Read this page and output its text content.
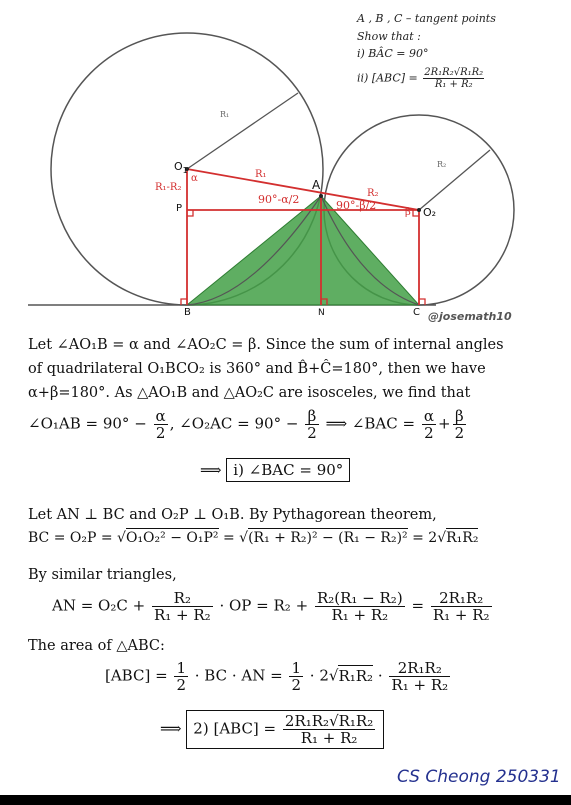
$O_1$
O₂
A
B	C
N
P
α
β
R₁
R₂
R₁
R₂
R₁-R₂
90°-α/2	90°-β/2
@josemath10
A , B , C – tangent points
Show that :
i) BÂC = 90°
ii) $[ABC] = \frac{\text{2R₁R₂√R₁R₂}}{\text{R₁ + R₂}}$
Let ∠AO₁B = α and ∠AO₂C = β. Since the sum of internal angles
of quadrilateral O₁BCO₂ is 360° and B̂+Ĉ=180°, then we have
α+β=180°. As △AO₁B and △AO₂C are isosceles, we find that
∠O₁AB = $90^\circ - \frac{\alpha}{2}$ , ∠O₂AC = $90^\circ - \frac{\beta}{2}$ ⟹ ∠BAC = $\frac{\alpha}{2} + \frac{\beta}{2}$
⟹ i) ∠BAC = 90°
Let AN ⊥ BC and O₂P ⊥ O₁B. By Pythagorean theorem,
BC = O₂P = √O₁O₂² − O₁P² = √(R₁ + R₂)² − (R₁ − R₂)² = 2√R₁R₂
By similar triangles,
AN = $O_2C + \frac{\text{R₂}}{\text{R₁ + R₂}}$ · OP = $R_2 + \frac{\text{R₂(R₁ − R₂)}}{\text{R₁ + R₂}} = \frac{\text{2R₁R₂}}{\text{R₁ + R₂}}$
The area of △ABC:
$[ABC] = \frac{1}{2}$ · BC · AN = $\frac{1}{2} \cdot 2√R_1R_2 \cdot \frac{\text{2R₁R₂}}{\text{R₁ + R₂}}$
⟹ 2) $[ABC] = \frac{\text{2R₁R₂√R₁R₂}}{\text{R₁ + R₂}}$
CS Cheong 250331
